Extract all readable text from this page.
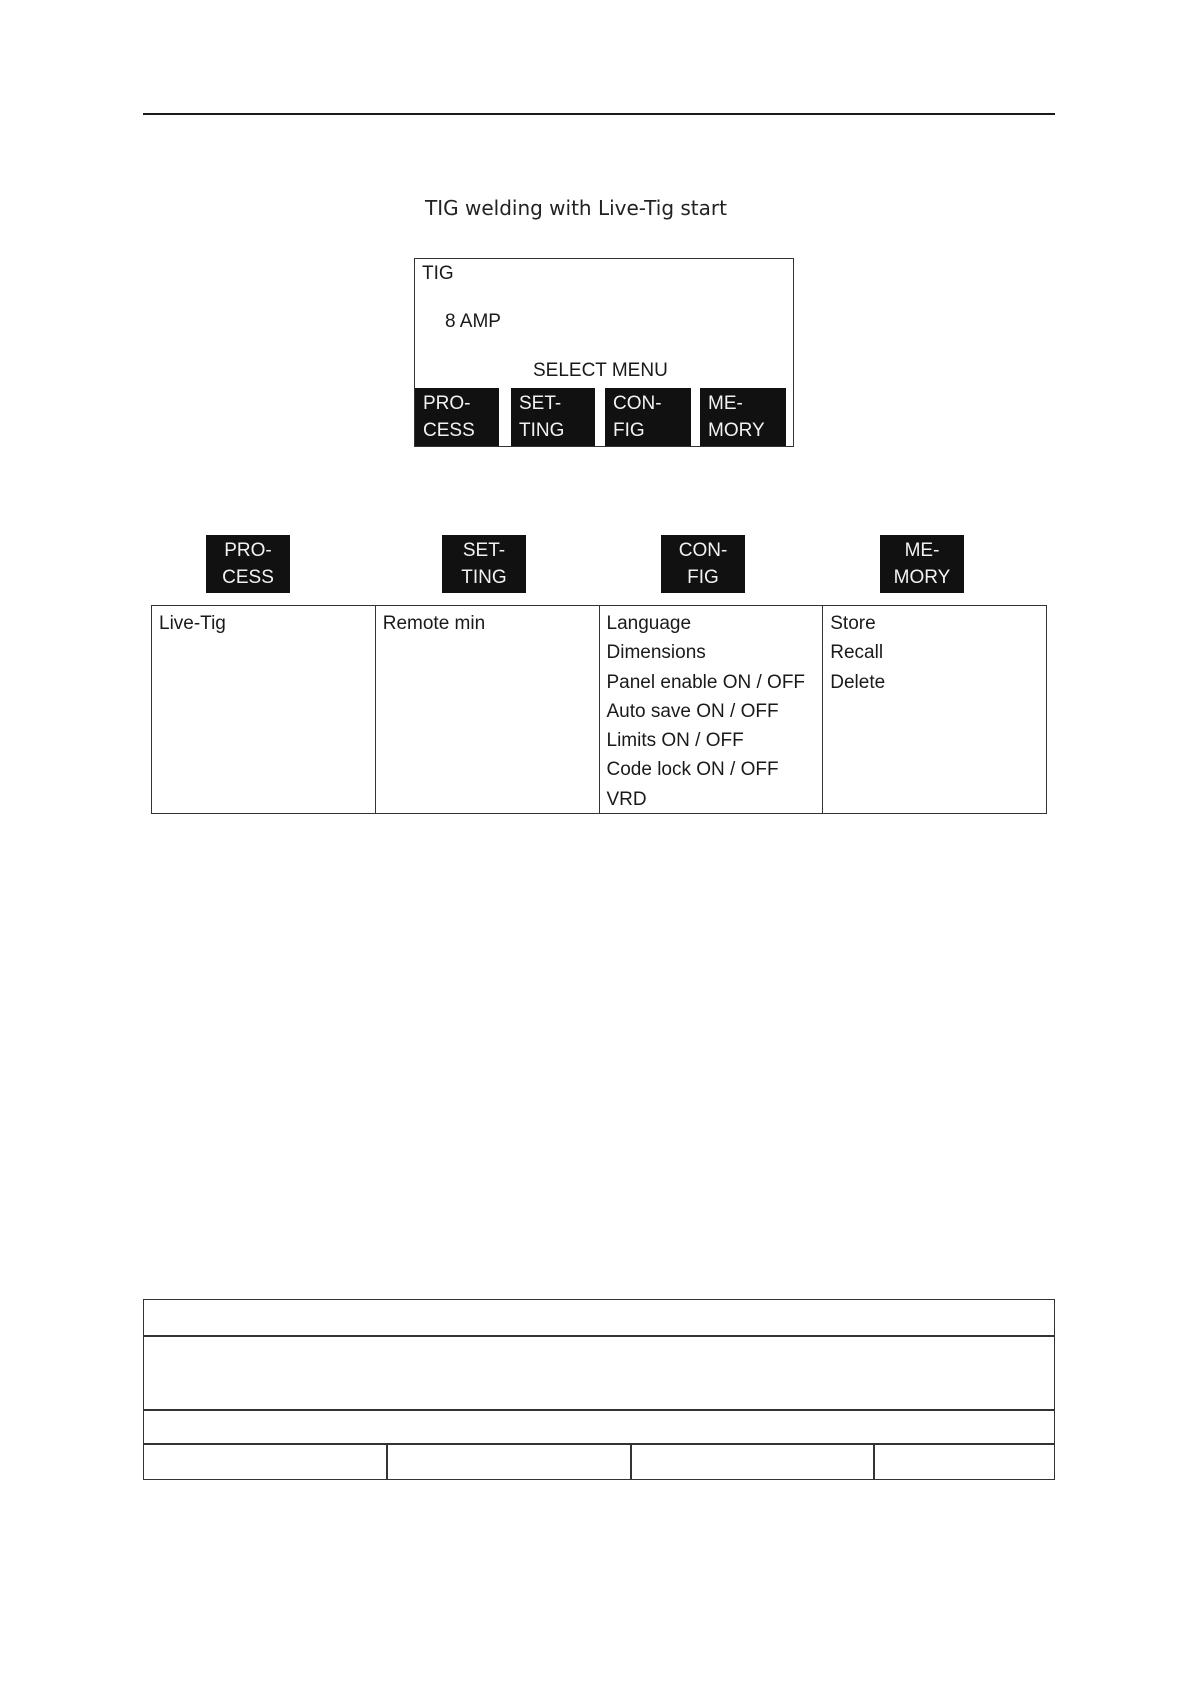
TIG welding with Live-Tig start
TIG
8 AMP
SELECT MENU
PRO-
CESS
SET-
TING
CON-
FIG
ME-
MORY
PRO-
CESS
SET-
TING
CON-
FIG
ME-
MORY
Live-Tig	Remote min	Language
Dimensions
Panel enable ON / OFF
Auto save ON / OFF
Limits ON / OFF
Code lock ON / OFF
VRD
Store
Recall
Delete
